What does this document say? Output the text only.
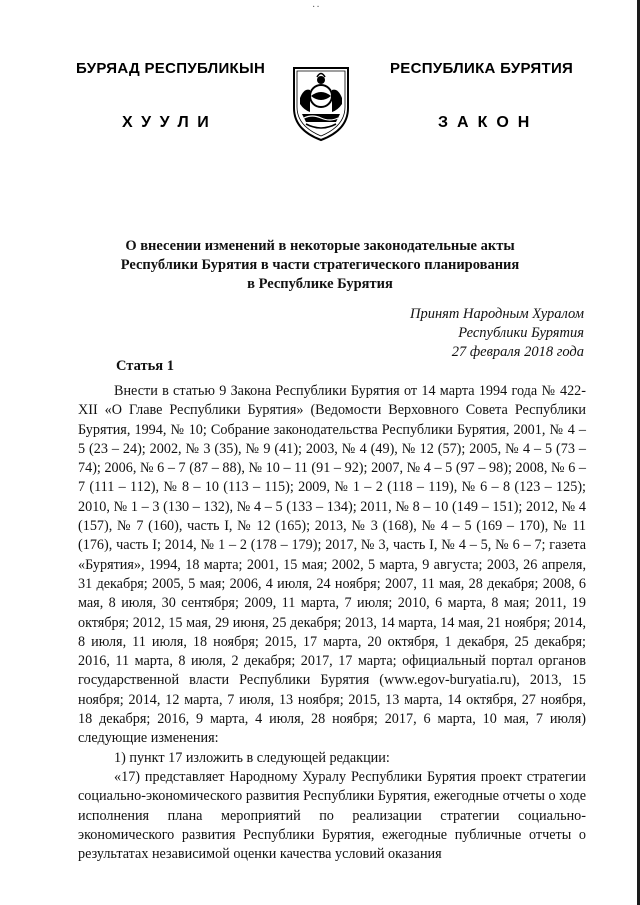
··
БУРЯАД РЕСПУБЛИКЫН
ХУУЛИ
РЕСПУБЛИКА БУРЯТИЯ
ЗАКОН
О внесении изменений в некоторые законодательные акты
Республики Бурятия в части стратегического планирования
в Республике Бурятия
Принят Народным Хуралом
Республики Бурятия
27 февраля 2018 года
Статья 1

Внести в статью 9 Закона Республики Бурятия от 14 марта 1994 года № 422-XII «О Главе Республики Бурятия» (Ведомости Верховного Совета Республики Бурятия, 1994, № 10; Собрание законодательства Республики Бурятия, 2001, № 4 – 5 (23 – 24); 2002, № 3 (35), № 9 (41); 2003, № 4 (49), № 12 (57); 2005, № 4 – 5 (73 – 74); 2006, № 6 – 7 (87 – 88), № 10 – 11 (91 – 92); 2007, № 4 – 5 (97 – 98); 2008, № 6 – 7 (111 – 112), № 8 – 10 (113 – 115); 2009, № 1 – 2 (118 – 119), № 6 – 8 (123 – 125); 2010, № 1 – 3 (130 – 132), № 4 – 5 (133 – 134); 2011, № 8 – 10 (149 – 151); 2012, № 4 (157), № 7 (160), часть I, № 12 (165); 2013, № 3 (168), № 4 – 5 (169 – 170), № 11 (176), часть I; 2014, № 1 – 2 (178 – 179); 2017, № 3, часть I, № 4 – 5, № 6 – 7; газета «Бурятия», 1994, 18 марта; 2001, 15 мая; 2002, 5 марта, 9 августа; 2003, 26 апреля, 31 декабря; 2005, 5 мая; 2006, 4 июля, 24 ноября; 2007, 11 мая, 28 декабря; 2008, 6 мая, 8 июля, 30 сентября; 2009, 11 марта, 7 июля; 2010, 6 марта, 8 мая; 2011, 19 октября; 2012, 15 мая, 29 июня, 25 декабря; 2013, 14 марта, 14 мая, 21 ноября; 2014, 8 июля, 11 июля, 18 ноября; 2015, 17 марта, 20 октября, 1 декабря, 25 декабря; 2016, 11 марта, 8 июля, 2 декабря; 2017, 17 марта; официальный портал органов государственной власти Республики Бурятия (www.egov-buryatia.ru), 2013, 15 ноября; 2014, 12 марта, 7 июля, 13 ноября; 2015, 13 марта, 14 октября, 27 ноября, 18 декабря; 2016, 9 марта, 4 июля, 28 ноября; 2017, 6 марта, 10 мая, 7 июля) следующие изменения:

1) пункт 17 изложить в следующей редакции:

«17) представляет Народному Хуралу Республики Бурятия проект стратегии социально-экономического развития Республики Бурятия, ежегодные отчеты о ходе исполнения плана мероприятий по реализации стратегии социально-экономического развития Республики Бурятия, ежегодные публичные отчеты о результатах независимой оценки качества условий оказания
